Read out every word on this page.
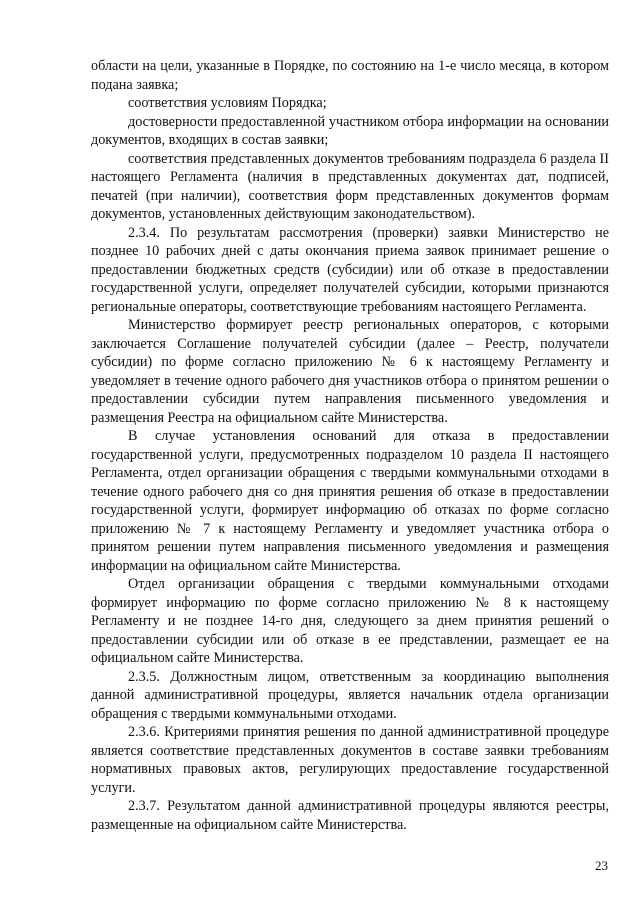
области на цели, указанные в Порядке, по состоянию на 1-е число месяца, в котором подана заявка;

соответствия условиям Порядка;

достоверности предоставленной участником отбора информации на основании документов, входящих в состав заявки;

соответствия представленных документов требованиям подраздела 6 раздела II настоящего Регламента (наличия в представленных документах дат, подписей, печатей (при наличии), соответствия форм представленных документов формам документов, установленных действующим законодательством).

2.3.4. По результатам рассмотрения (проверки) заявки Министерство не позднее 10 рабочих дней с даты окончания приема заявок принимает решение о предоставлении бюджетных средств (субсидии) или об отказе в предоставлении государственной услуги, определяет получателей субсидии, которыми признаются региональные операторы, соответствующие требованиям настоящего Регламента.

Министерство формирует реестр региональных операторов, с которыми заключается Соглашение получателей субсидии (далее – Реестр, получатели субсидии) по форме согласно приложению № 6 к настоящему Регламенту и уведомляет в течение одного рабочего дня участников отбора о принятом решении о предоставлении субсидии путем направления письменного уведомления и размещения Реестра на официальном сайте Министерства.

В случае установления оснований для отказа в предоставлении государственной услуги, предусмотренных подразделом 10 раздела II настоящего Регламента, отдел организации обращения с твердыми коммунальными отходами в течение одного рабочего дня со дня принятия решения об отказе в предоставлении государственной услуги, формирует информацию об отказах по форме согласно приложению № 7 к настоящему Регламенту и уведомляет участника отбора о принятом решении путем направления письменного уведомления и размещения информации на официальном сайте Министерства.

Отдел организации обращения с твердыми коммунальными отходами формирует информацию по форме согласно приложению № 8 к настоящему Регламенту и не позднее 14-го дня, следующего за днем принятия решений о предоставлении субсидии или об отказе в ее представлении, размещает ее на официальном сайте Министерства.

2.3.5. Должностным лицом, ответственным за координацию выполнения данной административной процедуры, является начальник отдела организации обращения с твердыми коммунальными отходами.

2.3.6. Критериями принятия решения по данной административной процедуре является соответствие представленных документов в составе заявки требованиям нормативных правовых актов, регулирующих предоставление государственной услуги.

2.3.7. Результатом данной административной процедуры являются реестры, размещенные на официальном сайте Министерства.

23
